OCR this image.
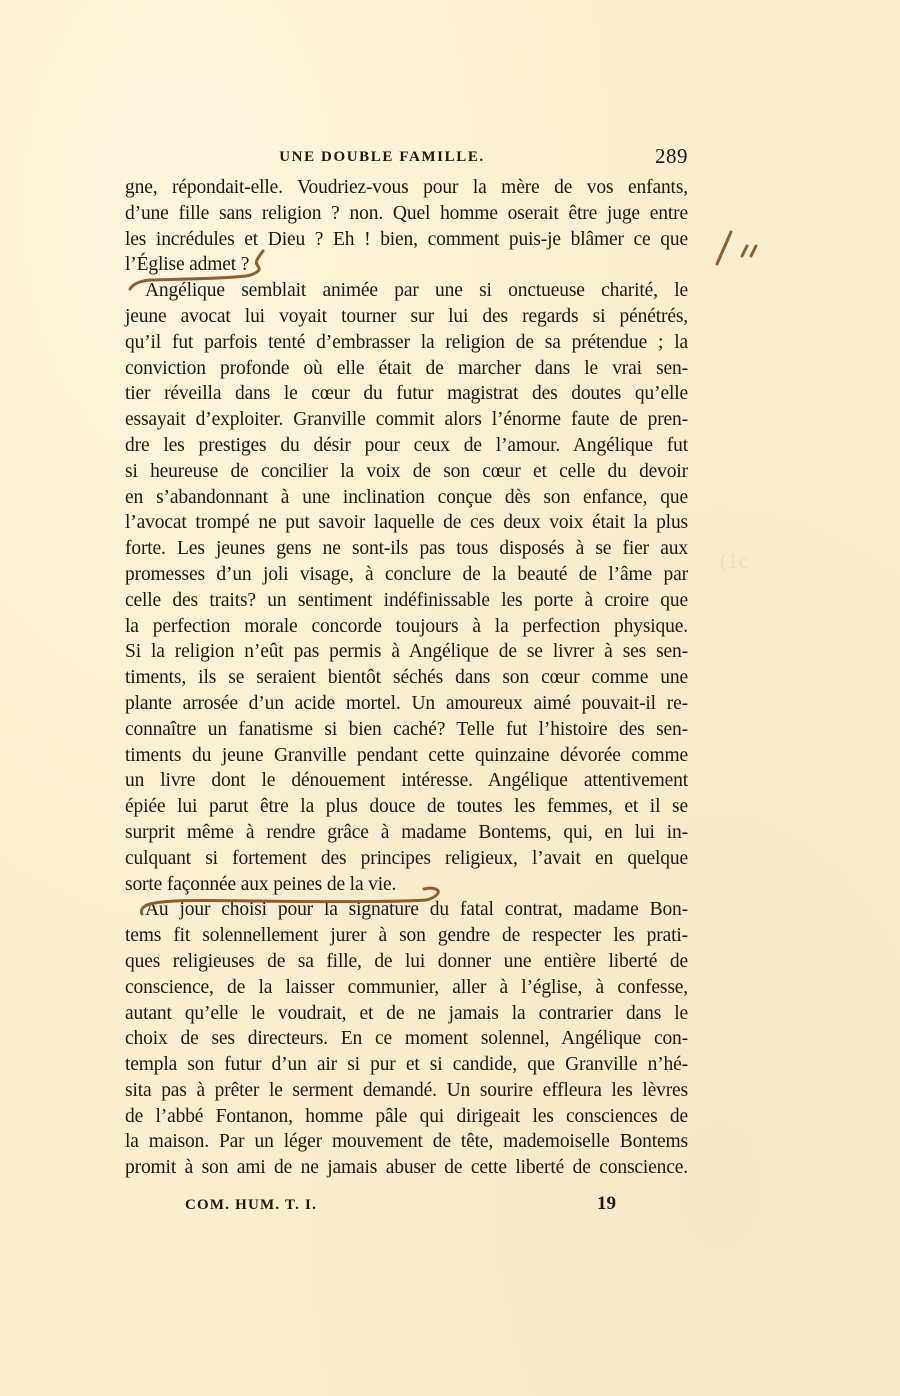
(1c
UNE DOUBLE FAMILLE.	289
gne, répondait-elle. Voudriez-vous pour la mère de vos enfants,
d’une fille sans religion ? non. Quel homme oserait être juge entre
les incrédules et Dieu ? Eh ! bien, comment puis-je blâmer ce que
l’Église admet ?
Angélique semblait animée par une si onctueuse charité, le
jeune avocat lui voyait tourner sur lui des regards si pénétrés,
qu’il fut parfois tenté d’embrasser la religion de sa prétendue ; la
conviction profonde où elle était de marcher dans le vrai sen-
tier réveilla dans le cœur du futur magistrat des doutes qu’elle
essayait d’exploiter. Granville commit alors l’énorme faute de pren-
dre les prestiges du désir pour ceux de l’amour. Angélique fut
si heureuse de concilier la voix de son cœur et celle du devoir
en s’abandonnant à une inclination conçue dès son enfance, que
l’avocat trompé ne put savoir laquelle de ces deux voix était la plus
forte. Les jeunes gens ne sont-ils pas tous disposés à se fier aux
promesses d’un joli visage, à conclure de la beauté de l’âme par
celle des traits? un sentiment indéfinissable les porte à croire que
la perfection morale concorde toujours à la perfection physique.
Si la religion n’eût pas permis à Angélique de se livrer à ses sen-
timents, ils se seraient bientôt séchés dans son cœur comme une
plante arrosée d’un acide mortel. Un amoureux aimé pouvait-il re-
connaître un fanatisme si bien caché? Telle fut l’histoire des sen-
timents du jeune Granville pendant cette quinzaine dévorée comme
un livre dont le dénouement intéresse. Angélique attentivement
épiée lui parut être la plus douce de toutes les femmes, et il se
surprit même à rendre grâce à madame Bontems, qui, en lui in-
culquant si fortement des principes religieux, l’avait en quelque
sorte façonnée aux peines de la vie.
Au jour choisi pour la signature du fatal contrat, madame Bon-
tems fit solennellement jurer à son gendre de respecter les prati-
ques religieuses de sa fille, de lui donner une entière liberté de
conscience, de la laisser communier, aller à l’église, à confesse,
autant qu’elle le voudrait, et de ne jamais la contrarier dans le
choix de ses directeurs. En ce moment solennel, Angélique con-
templa son futur d’un air si pur et si candide, que Granville n’hé-
sita pas à prêter le serment demandé. Un sourire effleura les lèvres
de l’abbé Fontanon, homme pâle qui dirigeait les consciences de
la maison. Par un léger mouvement de tête, mademoiselle Bontems
promit à son ami de ne jamais abuser de cette liberté de conscience.
COM. HUM. T. I.	19
